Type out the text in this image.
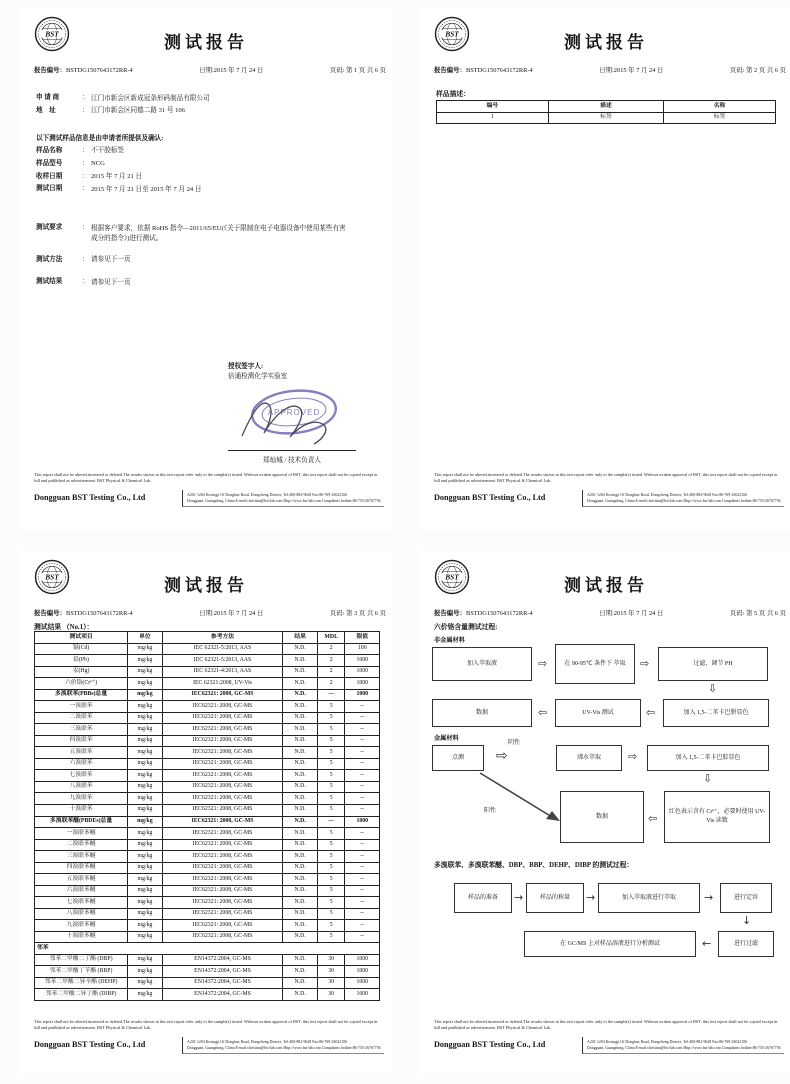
BST	测试报告
报告编号：BSTDG1507643172RR-4	日期:2015 年 7 月 24 日	页码: 第 1 页 共 6 页
申 请 商	： 江门市新会区新成冠条形码制品有限公司
地    址	： 江门市新会区同德二路 31 号 106
以下测试样品信息是由申请者所提供及确认:
样品名称	： 不干胶标签
样品型号	： NCG
收样日期	： 2015 年 7 月 21 日
测试日期	： 2015 年 7 月 21 日至 2015 年 7 月 24 日
测试要求	： 根据客户要求，依据 RoHS 指令—2011/65/EU(《关于限制在电子电器设备中使用某些有害成分的指令》)进行测试。
测试方法	： 请参见下一页
测试结果	： 请参见下一页
授权签字人:
倍通检测化学实验室
APPROVED
郑灿城 / 技术负责人
This report shall not be altered,increased or deleted.The results shown in this test report refer only to the sample(s) tested. Without written approval of BST, this test report shall not be copied except in full and published as advertisement. BST Physical & Chemical Lab.
Dongguan BST Testing Co., Ltd	A201-1204 Kexingji Of Donghao Road, Dongcheng District, Tel:400-882-9628 Fax:86-769-23022106
Dongguan, Guangdong, China E-mail:christina@bst-lab.com Http://www.bst-lab.com Complaints hotline:86-755-26767756
BST	测试报告
报告编号：BSTDG1507643172RR-4	日期:2015 年 7 月 24 日	页码: 第 2 页 共 6 页
样品描述：
编号	描述	名称
1	标签	标签
This report shall not be altered,increased or deleted.The results shown in this test report refer only to the sample(s) tested. Without written approval of BST, this test report shall not be copied except in full and published as advertisement. BST Physical & Chemical Lab.
Dongguan BST Testing Co., Ltd	A201-1204 Kexingji Of Donghao Road, Dongcheng District, Tel:400-882-9628 Fax:86-769-23022106
Dongguan, Guangdong, China E-mail:christina@bst-lab.com Http://www.bst-lab.com Complaints hotline:86-755-26767756
BST	测试报告
报告编号：BSTDG1507643172RR-4	日期:2015 年 7 月 24 日	页码: 第 3 页 共 6 页
测试结果 （No.1）：
测试项目	单位	参考方法	结果	MDL	限值
镉(Cd)	mg/kg	IEC 62321-5:2013, AAS	N.D.	2	100
铅(Pb)	mg/kg	IEC 62321-5:2013, AAS	N.D.	2	1000
汞(Hg)	mg/kg	IEC 62321-4:2013, AAS	N.D.	2	1000
六价铬(Cr⁶⁺)	mg/kg	IEC 62321:2008, UV-Vis	N.D.	2	1000
多溴联苯(PBBs)总量	mg/kg	IEC62321: 2008, GC-MS	N.D.	—	1000
一溴联苯	mg/kg	IEC62321: 2008, GC-MS	N.D.	5	--
二溴联苯	mg/kg	IEC62321: 2008, GC-MS	N.D.	5	--
三溴联苯	mg/kg	IEC62321: 2008, GC-MS	N.D.	5	--
四溴联苯	mg/kg	IEC62321: 2008, GC-MS	N.D.	5	--
五溴联苯	mg/kg	IEC62321: 2008, GC-MS	N.D.	5	--
六溴联苯	mg/kg	IEC62321: 2008, GC-MS	N.D.	5	--
七溴联苯	mg/kg	IEC62321: 2008, GC-MS	N.D.	5	--
八溴联苯	mg/kg	IEC62321: 2008, GC-MS	N.D.	5	--
九溴联苯	mg/kg	IEC62321: 2008, GC-MS	N.D.	5	--
十溴联苯	mg/kg	IEC62321: 2008, GC-MS	N.D.	5	--
多溴联苯醚(PBDEs)总量	mg/kg	IEC62321: 2008, GC-MS	N.D.	—	1000
一溴联苯醚	mg/kg	IEC62321: 2008, GC-MS	N.D.	5	--
二溴联苯醚	mg/kg	IEC62321: 2008, GC-MS	N.D.	5	--
三溴联苯醚	mg/kg	IEC62321: 2008, GC-MS	N.D.	5	--
四溴联苯醚	mg/kg	IEC62321: 2008, GC-MS	N.D.	5	--
五溴联苯醚	mg/kg	IEC62321: 2008, GC-MS	N.D.	5	--
六溴联苯醚	mg/kg	IEC62321: 2008, GC-MS	N.D.	5	--
七溴联苯醚	mg/kg	IEC62321: 2008, GC-MS	N.D.	5	--
八溴联苯醚	mg/kg	IEC62321: 2008, GC-MS	N.D.	5	--
九溴联苯醚	mg/kg	IEC62321: 2008, GC-MS	N.D.	5	--
十溴联苯醚	mg/kg	IEC62321: 2008, GC-MS	N.D.	5	--
邻苯					
邻苯二甲酸二丁酯 (DBP)	mg/kg	EN14372:2004, GC-MS	N.D.	30	1000
邻苯二甲酸丁苄酯 (BBP)	mg/kg	EN14372:2004, GC-MS	N.D.	30	1000
邻苯二甲酸二异辛酯 (DEHP)	mg/kg	EN14372:2004, GC-MS	N.D.	30	1000
邻苯二甲酸二异丁酯 (DIBP)	mg/kg	EN14372:2004, GC-MS	N.D.	30	1000
This report shall not be altered,increased or deleted.The results shown in this test report refer only to the sample(s) tested. Without written approval of BST, this test report shall not be copied except in full and published as advertisement. BST Physical & Chemical Lab.
Dongguan BST Testing Co., Ltd	A201-1204 Kexingji Of Donghao Road, Dongcheng District, Tel:400-882-9628 Fax:86-769-23022106
Dongguan, Guangdong, China E-mail:christina@bst-lab.com Http://www.bst-lab.com Complaints hotline:86-755-26767756
BST	测试报告
报告编号：BSTDG1507643172RR-4	日期:2015 年 7 月 24 日	页码: 第 5 页 共 6 页
六价铬含量测试过程:
非金属材料
加入萃取液	⇨	在 90-95℃ 条件下 萃取	⇨	过滤，调节 PH
⇩
数据	⇦	UV-Vis 测试	⇦	加入 1,5-二苯卡巴肼显色
金属材料
点测
阴性
⇨	沸水萃取	⇨	加入 1,5-二苯卡巴腙显色
⇩
数据	⇦	红色表示含有 Cr⁶⁺，必要时使用 UV-Vis 读数
阳性
多溴联苯、多溴联苯醚、DBP、BBP、DEHP、DIBP 的测试过程：
样品的准备	→	样品的称量	→	加入萃取液进行萃取	→	进行定容
↓
进行过滤
←
在 GC/MS 上对样品溶液进行分析测试
This report shall not be altered,increased or deleted.The results shown in this test report refer only to the sample(s) tested. Without written approval of BST, this test report shall not be copied except in full and published as advertisement. BST Physical & Chemical Lab.
Dongguan BST Testing Co., Ltd	A201-1204 Kexingji Of Donghao Road, Dongcheng District, Tel:400-882-9628 Fax:86-769-23022106
Dongguan, Guangdong, China E-mail:christina@bst-lab.com Http://www.bst-lab.com Complaints hotline:86-755-26767756
